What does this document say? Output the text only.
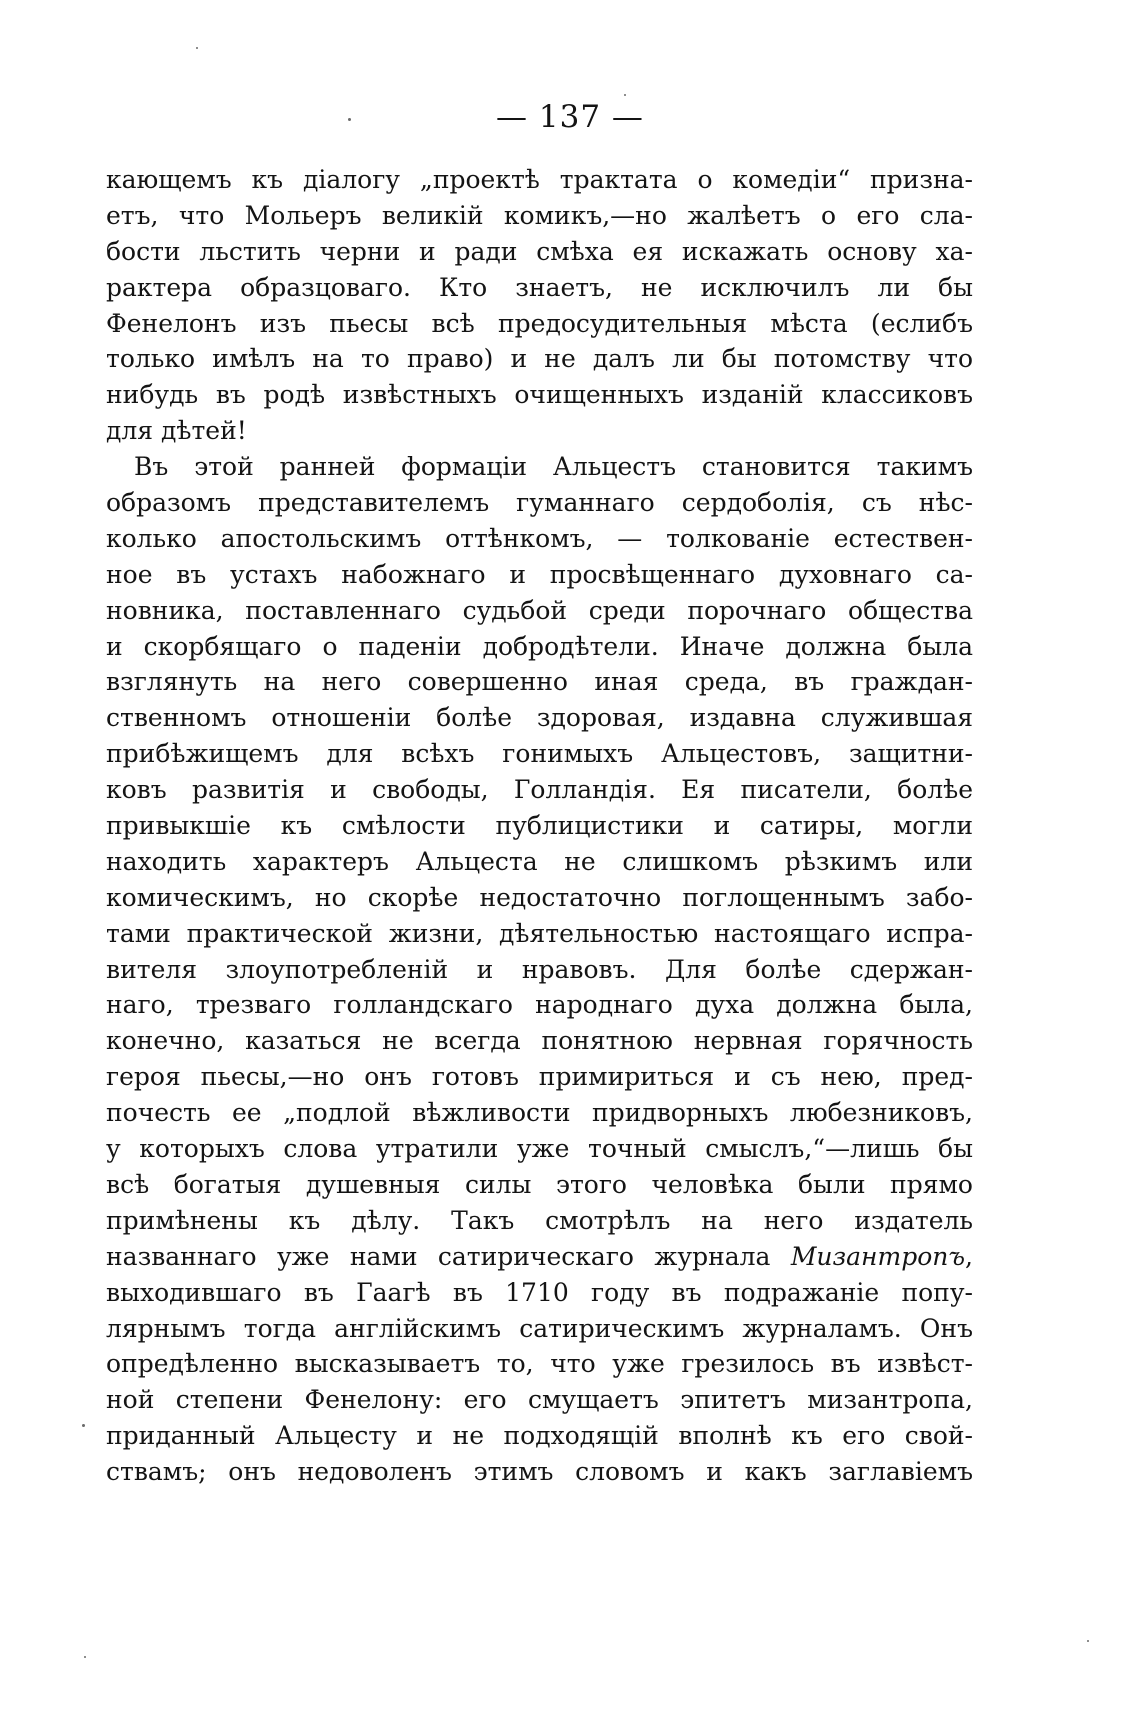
— 137 —
кающемъ къ діалогу „проектѣ трактата о комедіи“ призна-
етъ, что Мольеръ великій комикъ,—но жалѣетъ о его сла-
бости льстить черни и ради смѣха ея искажать основу ха-
рактера образцоваго. Кто знаетъ, не исключилъ ли бы
Фенелонъ изъ пьесы всѣ предосудительныя мѣста (еслибъ
только имѣлъ на то право) и не далъ ли бы потомству что
нибудь въ родѣ извѣстныхъ очищенныхъ изданій классиковъ
для дѣтей!
Въ этой ранней формаціи Альцестъ становится такимъ
образомъ представителемъ гуманнаго сердоболія, съ нѣс-
колько апостольскимъ оттѣнкомъ, — толкованіе естествен-
ное въ устахъ набожнаго и просвѣщеннаго духовнаго са-
новника, поставленнаго судьбой среди порочнаго общества
и скорбящаго о паденіи добродѣтели. Иначе должна была
взглянуть на него совершенно иная среда, въ граждан-
ственномъ отношеніи болѣе здоровая, издавна служившая
прибѣжищемъ для всѣхъ гонимыхъ Альцестовъ, защитни-
ковъ развитія и свободы, Голландія. Ея писатели, болѣе
привыкшіе къ смѣлости публицистики и сатиры, могли
находить характеръ Альцеста не слишкомъ рѣзкимъ или
комическимъ, но скорѣе недостаточно поглощеннымъ забо-
тами практической жизни, дѣятельностью настоящаго испра-
вителя злоупотребленій и нравовъ. Для болѣе сдержан-
наго, трезваго голландскаго народнаго духа должна была,
конечно, казаться не всегда понятною нервная горячность
героя пьесы,—но онъ готовъ примириться и съ нею, пред-
почесть ее „подлой вѣжливости придворныхъ любезниковъ,
у которыхъ слова утратили уже точный смыслъ,“—лишь бы
всѣ богатыя душевныя силы этого человѣка были прямо
примѣнены къ дѣлу. Такъ смотрѣлъ на него издатель
названнаго уже нами сатирическаго журнала Мизантропъ,
выходившаго въ Гаагѣ въ 1710 году въ подражаніе попу-
лярнымъ тогда англійскимъ сатирическимъ журналамъ. Онъ
опредѣленно высказываетъ то, что уже грезилось въ извѣст-
ной степени Фенелону: его смущаетъ эпитетъ мизантропа,
приданный Альцесту и не подходящій вполнѣ къ его свой-
ствамъ; онъ недоволенъ этимъ словомъ и какъ заглавіемъ
